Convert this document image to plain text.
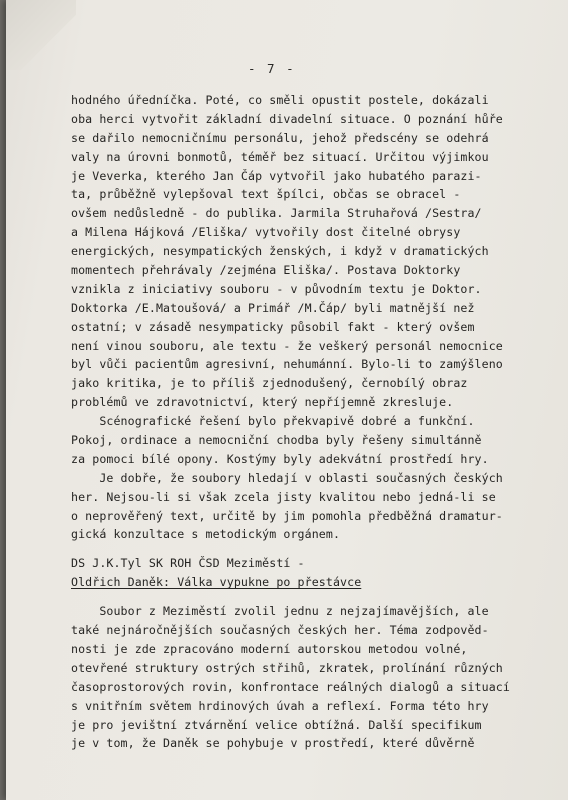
- 7 -
hodného úředníčka. Poté, co směli opustit postele, dokázali
oba herci vytvořit základní divadelní situace. O poznání hůře
se dařilo nemocničnímu personálu, jehož předscény se odehrá
valy na úrovni bonmotů, téměř bez situací. Určitou výjimkou
je Veverka, kterého Jan Čáp vytvořil jako hubatého parazi-
ta, průběžně vylepšoval text špílci, občas se obracel -
ovšem nedůsledně - do publika. Jarmila Struhařová /Sestra/
a Milena Hájková /Eliška/ vytvořily dost čitelné obrysy
energických, nesympatických ženských, i když v dramatických
momentech přehrávaly /zejména Eliška/. Postava Doktorky
vznikla z iniciativy souboru - v původním textu je Doktor.
Doktorka /E.Matoušová/ a Primář /M.Čáp/ byli matnější než
ostatní; v zásadě nesympaticky působil fakt - který ovšem
není vinou souboru, ale textu - že veškerý personál nemocnice
byl vůči pacientům agresivní, nehumánní. Bylo-li to zamýšleno
jako kritika, je to příliš zjednodušený, černobílý obraz
problémů ve zdravotnictví, který nepříjemně zkresluje.
Scénografické řešení bylo překvapivě dobré a funkční.
Pokoj, ordinace a nemocniční chodba byly řešeny simultánně
za pomoci bílé opony. Kostýmy byly adekvátní prostředí hry.
Je dobře, že soubory hledají v oblasti současných českých
her. Nejsou-li si však zcela jisty kvalitou nebo jedná-li se
o neprověřený text, určitě by jim pomohla předběžná dramatur-
gická konzultace s metodickým orgánem.
DS J.K.Tyl SK ROH ČSD Meziměstí -
Oldřich Daněk: Válka vypukne po přestávce
Soubor z Meziměstí zvolil jednu z nejzajímavějších, ale
také nejnáročnějších současných českých her. Téma zodpověd-
nosti je zde zpracováno moderní autorskou metodou volné,
otevřené struktury ostrých střihů, zkratek, prolínání různých
časoprostorových rovin, konfrontace reálných dialogů a situací
s vnitřním světem hrdinových úvah a reflexí. Forma této hry
je pro jevištní ztvárnění velice obtížná. Další specifikum
je v tom, že Daněk se pohybuje v prostředí, které důvěrně
